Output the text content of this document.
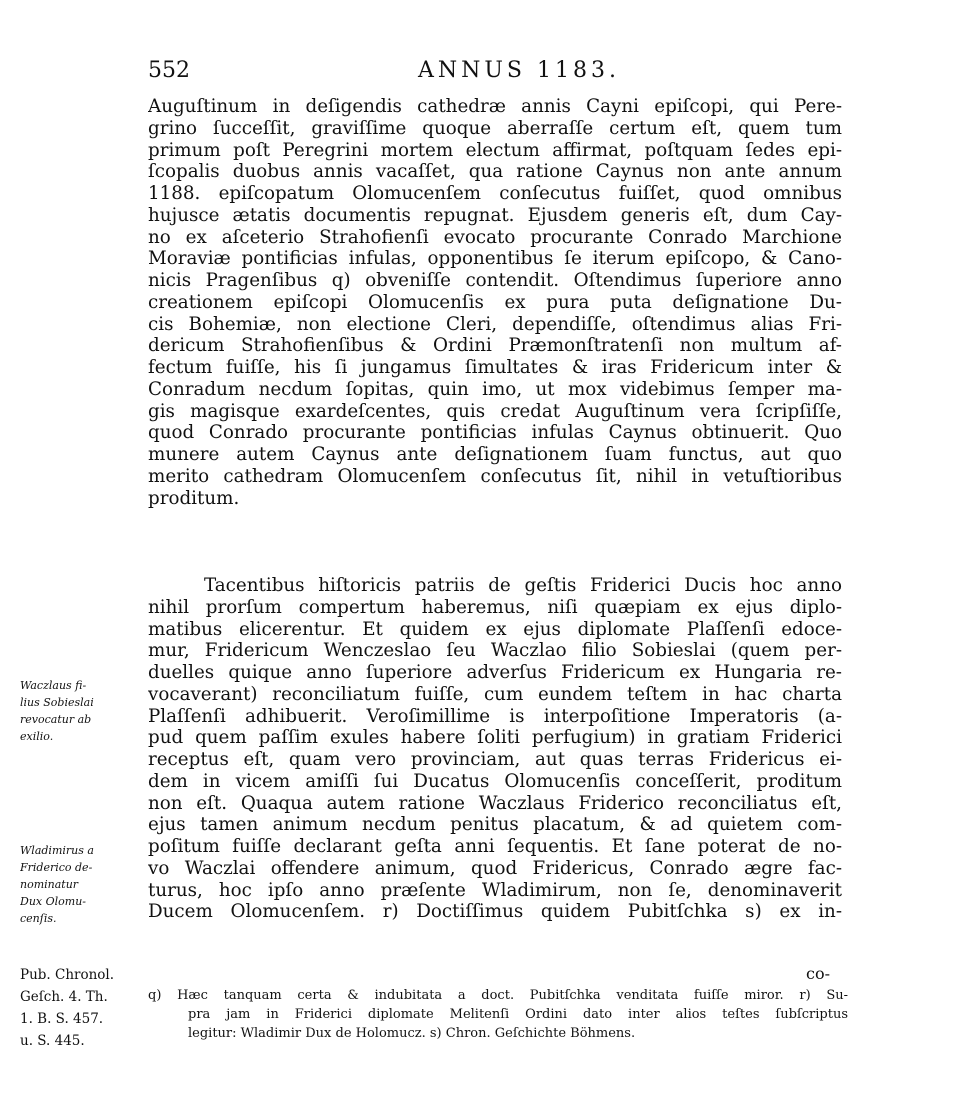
552	ANNUS 1183.
Auguſtinum in deſigendis cathedræ annis Cayni epiſcopi, qui Pere-
grino ſucceſſit, graviſſime quoque aberraſſe certum eſt, quem tum
primum poſt Peregrini mortem electum affirmat, poſtquam ſedes epi-
ſcopalis duobus annis vacaſſet, qua ratione Caynus non ante annum
1188. epiſcopatum Olomucenſem conſecutus fuiſſet, quod omnibus
hujusce ætatis documentis repugnat. Ejusdem generis eſt, dum Cay-
no ex aſceterio Strahofienſi evocato procurante Conrado Marchione
Moraviæ pontificias infulas, opponentibus ſe iterum epiſcopo, & Cano-
nicis Pragenſibus q) obveniſſe contendit. Oſtendimus ſuperiore anno
creationem epiſcopi Olomucenſis ex pura puta deſignatione Du-
cis Bohemiæ, non electione Cleri, dependiſſe, oſtendimus alias Fri-
dericum Strahofienſibus & Ordini Præmonſtratenſi non multum af-
fectum fuiſſe, his ſi jungamus ſimultates & iras Fridericum inter &
Conradum necdum ſopitas, quin imo, ut mox videbimus ſemper ma-
gis magisque exardeſcentes, quis credat Auguſtinum vera ſcripſiſſe,
quod Conrado procurante pontificias infulas Caynus obtinuerit. Quo
munere autem Caynus ante deſignationem ſuam functus, aut quo
merito cathedram Olomucenſem conſecutus ſit, nihil in vetuſtioribus
proditum.
Tacentibus hiſtoricis patriis de geſtis Friderici Ducis hoc anno
nihil prorſum compertum haberemus, niſi quæpiam ex ejus diplo-
matibus elicerentur. Et quidem ex ejus diplomate Plaſſenſi edoce-
mur, Fridericum Wenczeslao ſeu Waczlao filio Sobieslai (quem per-
duelles quique anno ſuperiore adverſus Fridericum ex Hungaria re-
vocaverant) reconciliatum fuiſſe, cum eundem teſtem in hac charta
Plaſſenſi adhibuerit. Veroſimillime is interpoſitione Imperatoris (a-
pud quem paſſim exules habere ſoliti perfugium) in gratiam Friderici
receptus eſt, quam vero provinciam, aut quas terras Fridericus ei-
dem in vicem amiſſi ſui Ducatus Olomucenſis conceſſerit, proditum
non eſt. Quaqua autem ratione Waczlaus Friderico reconciliatus eſt,
ejus tamen animum necdum penitus placatum, & ad quietem com-
poſitum fuiſſe declarant geſta anni ſequentis. Et ſane poterat de no-
vo Waczlai offendere animum, quod Fridericus, Conrado ægre fac-
turus, hoc ipſo anno præſente Wladimirum, non ſe, denominaverit
Ducem Olomucenſem. r) Doctiſſimus quidem Pubitſchka s) ex in-
Waczlaus fi-
lius Sobieslai
revocatur ab
exilio.
Wladimirus a
Friderico de-
nominatur
Dux Olomu-
cenſis.
Pub. Chronol.
Geſch. 4. Th.
1. B. S. 457.
u. S. 445.
co-
q) Hæc tanquam certa & indubitata a doct. Pubitſchka venditata fuiſſe miror. r) Su-
pra jam in Friderici diplomate Melitenſi Ordini dato inter alios teſtes ſubſcriptus
legitur: Wladimir Dux de Holomucz. s) Chron. Geſchichte Böhmens.
